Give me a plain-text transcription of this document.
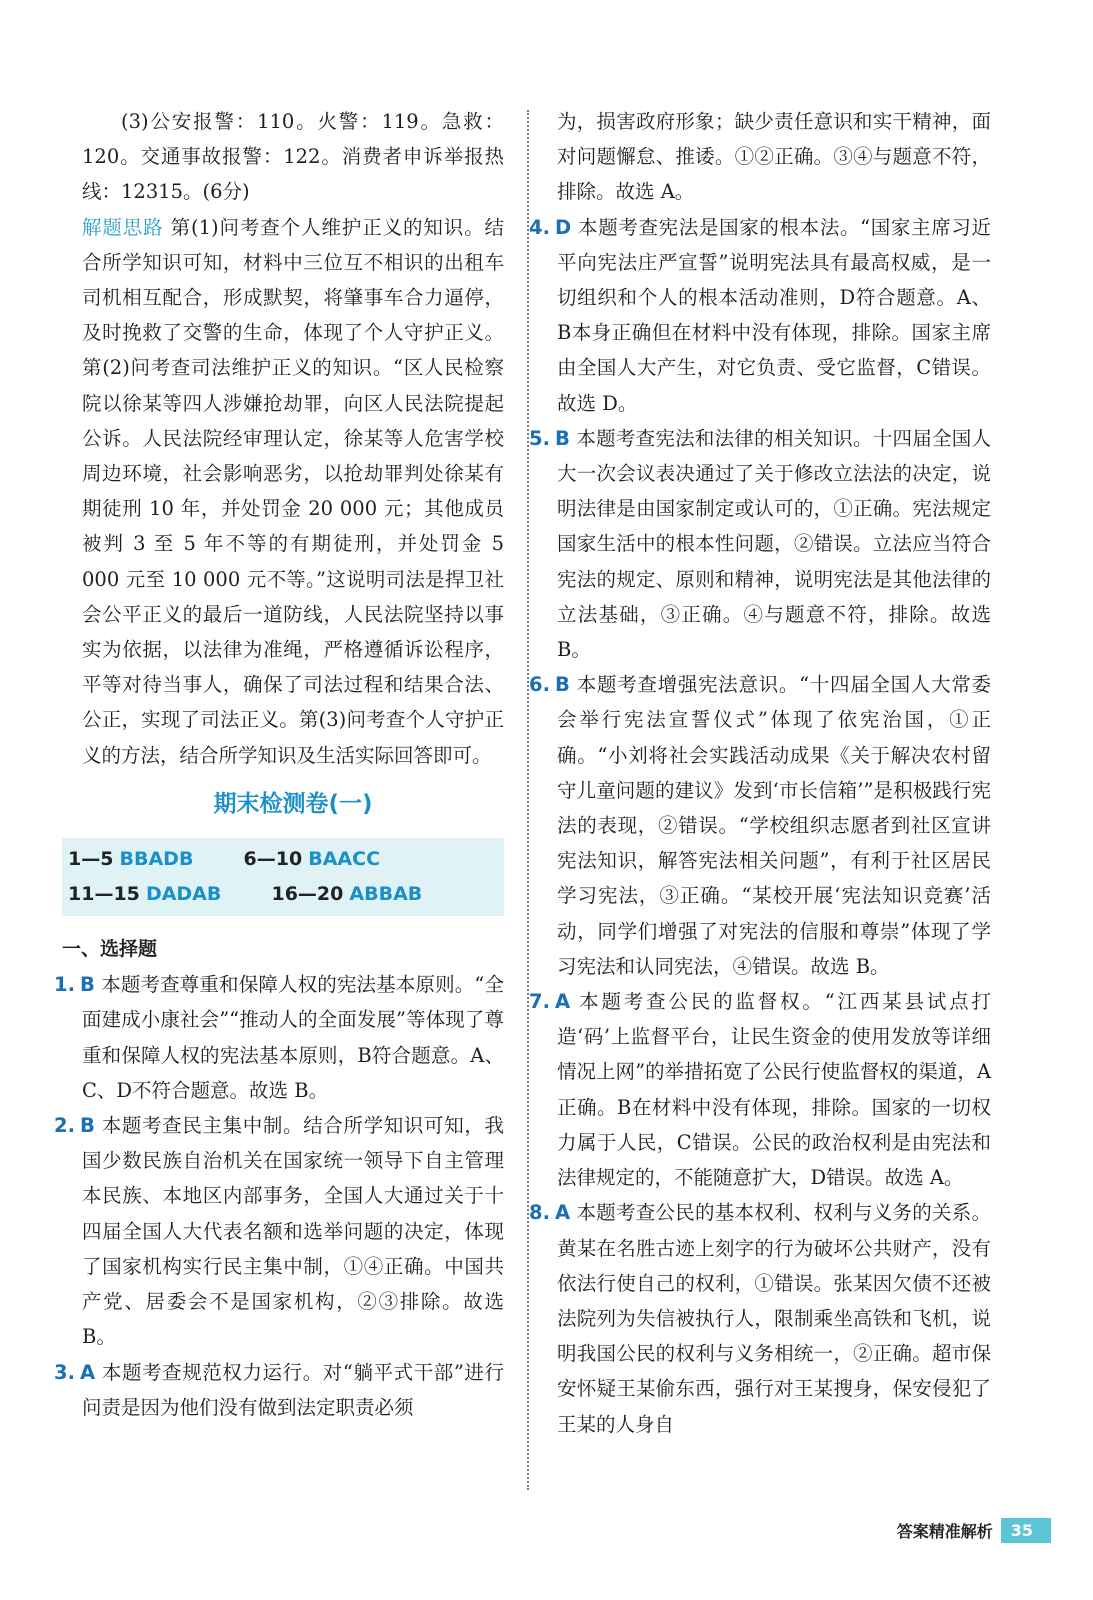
(3)公安报警：110。火警：119。急救：120。交通事故报警：122。消费者申诉举报热线：12315。(6分)

解题思路 第(1)问考查个人维护正义的知识。结合所学知识可知，材料中三位互不相识的出租车司机相互配合，形成默契，将肇事车合力逼停，及时挽救了交警的生命，体现了个人守护正义。第(2)问考查司法维护正义的知识。“区人民检察院以徐某等四人涉嫌抢劫罪，向区人民法院提起公诉。人民法院经审理认定，徐某等人危害学校周边环境，社会影响恶劣，以抢劫罪判处徐某有期徒刑 10 年，并处罚金 20 000 元；其他成员被判 3 至 5 年不等的有期徒刑，并处罚金 5 000 元至 10 000 元不等。”这说明司法是捍卫社会公平正义的最后一道防线，人民法院坚持以事实为依据，以法律为准绳，严格遵循诉讼程序，平等对待当事人，确保了司法过程和结果合法、公正，实现了司法正义。第(3)问考查个人守护正义的方法，结合所学知识及生活实际回答即可。

期末检测卷(一)
1—5 BBADB	6—10 BAACC
11—15 DADAB	16—20 ABBAB
一、选择题

1. B 本题考查尊重和保障人权的宪法基本原则。“全面建成小康社会”“推动人的全面发展”等体现了尊重和保障人权的宪法基本原则，B符合题意。A、C、D不符合题意。故选 B。

2. B 本题考查民主集中制。结合所学知识可知，我国少数民族自治机关在国家统一领导下自主管理本民族、本地区内部事务，全国人大通过关于十四届全国人大代表名额和选举问题的决定，体现了国家机构实行民主集中制，①④正确。中国共产党、居委会不是国家机构，②③排除。故选 B。

3. A 本题考查规范权力运行。对“躺平式干部”进行问责是因为他们没有做到法定职责必须

为，损害政府形象；缺少责任意识和实干精神，面对问题懈怠、推诿。①②正确。③④与题意不符，排除。故选 A。

4. D 本题考查宪法是国家的根本法。“国家主席习近平向宪法庄严宣誓”说明宪法具有最高权威，是一切组织和个人的根本活动准则，D符合题意。A、B本身正确但在材料中没有体现，排除。国家主席由全国人大产生，对它负责、受它监督，C错误。故选 D。

5. B 本题考查宪法和法律的相关知识。十四届全国人大一次会议表决通过了关于修改立法法的决定，说明法律是由国家制定或认可的，①正确。宪法规定国家生活中的根本性问题，②错误。立法应当符合宪法的规定、原则和精神，说明宪法是其他法律的立法基础，③正确。④与题意不符，排除。故选 B。

6. B 本题考查增强宪法意识。“十四届全国人大常委会举行宪法宣誓仪式”体现了依宪治国，①正确。“小刘将社会实践活动成果《关于解决农村留守儿童问题的建议》发到‘市长信箱’”是积极践行宪法的表现，②错误。“学校组织志愿者到社区宣讲宪法知识，解答宪法相关问题”，有利于社区居民学习宪法，③正确。“某校开展‘宪法知识竞赛’活动，同学们增强了对宪法的信服和尊崇”体现了学习宪法和认同宪法，④错误。故选 B。

7. A 本题考查公民的监督权。“江西某县试点打造‘码’上监督平台，让民生资金的使用发放等详细情况上网”的举措拓宽了公民行使监督权的渠道，A正确。B在材料中没有体现，排除。国家的一切权力属于人民，C错误。公民的政治权利是由宪法和法律规定的，不能随意扩大，D错误。故选 A。

8. A 本题考查公民的基本权利、权利与义务的关系。黄某在名胜古迹上刻字的行为破坏公共财产，没有依法行使自己的权利，①错误。张某因欠债不还被法院列为失信被执行人，限制乘坐高铁和飞机，说明我国公民的权利与义务相统一，②正确。超市保安怀疑王某偷东西，强行对王某搜身，保安侵犯了王某的人身自

答案精准解析	35
